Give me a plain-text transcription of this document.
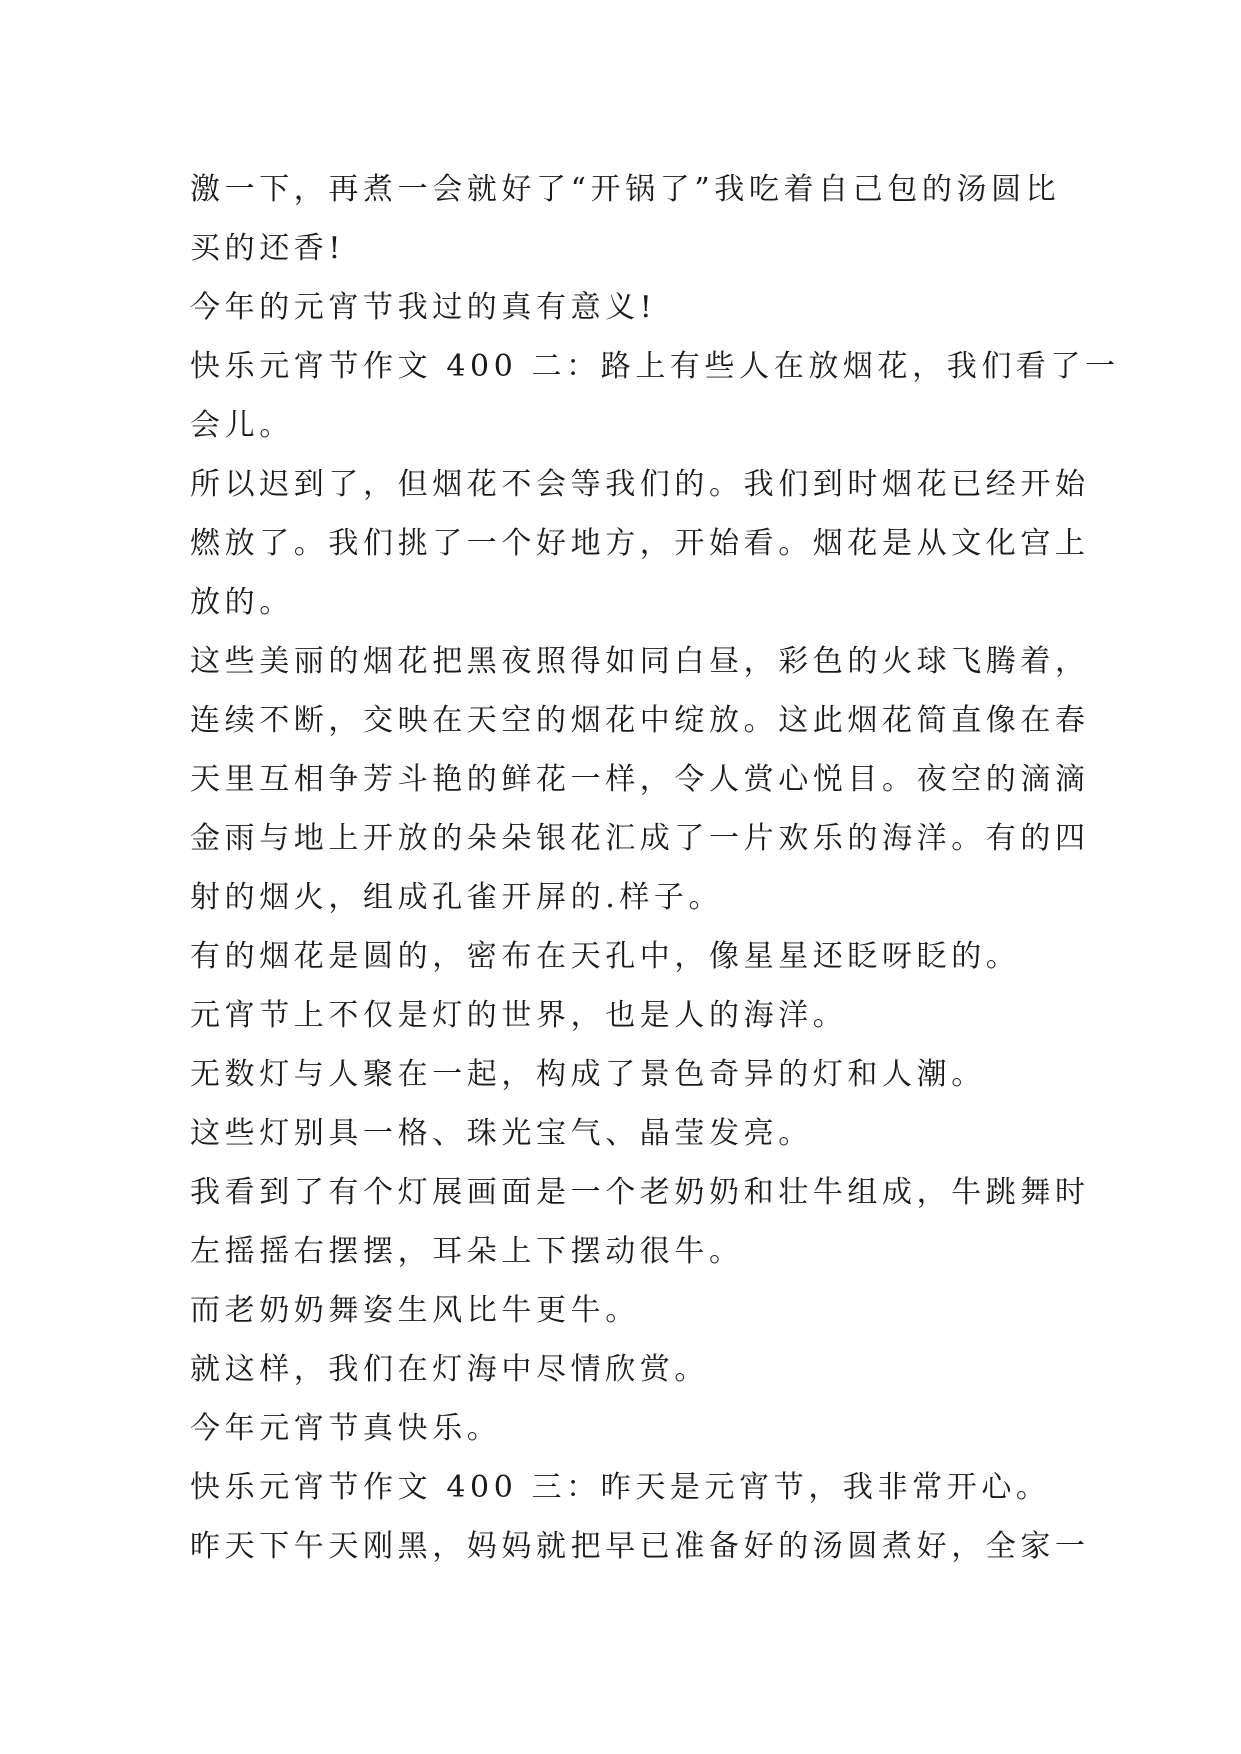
激一下，再煮一会就好了“开锅了”我吃着自己包的汤圆比
买的还香!
今年的元宵节我过的真有意义!
快乐元宵节作文 400 二：路上有些人在放烟花，我们看了一
会儿。
所以迟到了，但烟花不会等我们的。我们到时烟花已经开始
燃放了。我们挑了一个好地方，开始看。烟花是从文化宫上
放的。
这些美丽的烟花把黑夜照得如同白昼，彩色的火球飞腾着，
连续不断，交映在天空的烟花中绽放。这此烟花简直像在春
天里互相争芳斗艳的鲜花一样，令人赏心悦目。夜空的滴滴
金雨与地上开放的朵朵银花汇成了一片欢乐的海洋。有的四
射的烟火，组成孔雀开屏的.样子。
有的烟花是圆的，密布在天孔中，像星星还眨呀眨的。
元宵节上不仅是灯的世界，也是人的海洋。
无数灯与人聚在一起，构成了景色奇异的灯和人潮。
这些灯别具一格、珠光宝气、晶莹发亮。
我看到了有个灯展画面是一个老奶奶和壮牛组成，牛跳舞时
左摇摇右摆摆，耳朵上下摆动很牛。
而老奶奶舞姿生风比牛更牛。
就这样，我们在灯海中尽情欣赏。
今年元宵节真快乐。
快乐元宵节作文 400 三：昨天是元宵节，我非常开心。
昨天下午天刚黑，妈妈就把早已准备好的汤圆煮好，全家一
